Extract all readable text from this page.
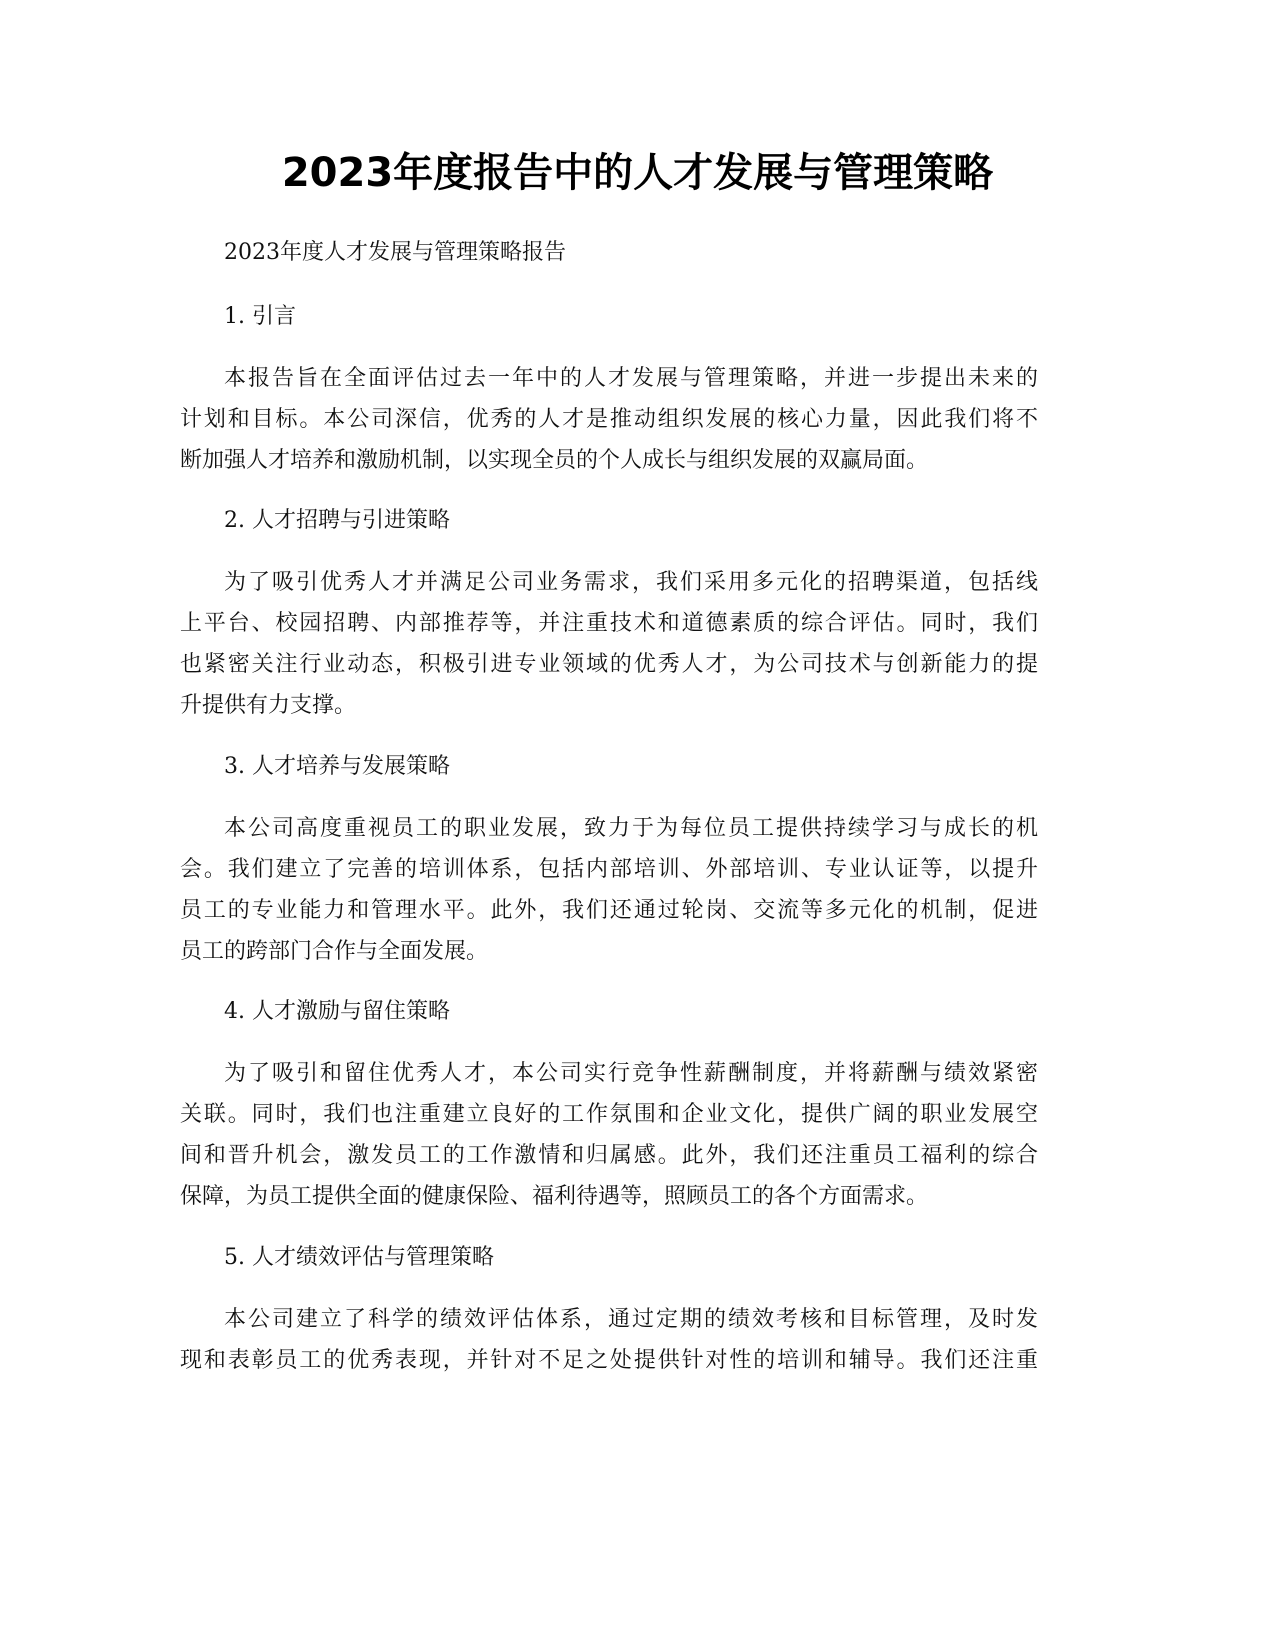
2023年度报告中的人才发展与管理策略
2023年度人才发展与管理策略报告
1. 引言
本报告旨在全面评估过去一年中的人才发展与管理策略，并进一步提出未来的
计划和目标。本公司深信，优秀的人才是推动组织发展的核心力量，因此我们将不
断加强人才培养和激励机制，以实现全员的个人成长与组织发展的双赢局面。
2. 人才招聘与引进策略
为了吸引优秀人才并满足公司业务需求，我们采用多元化的招聘渠道，包括线
上平台、校园招聘、内部推荐等，并注重技术和道德素质的综合评估。同时，我们
也紧密关注行业动态，积极引进专业领域的优秀人才，为公司技术与创新能力的提
升提供有力支撑。
3. 人才培养与发展策略
本公司高度重视员工的职业发展，致力于为每位员工提供持续学习与成长的机
会。我们建立了完善的培训体系，包括内部培训、外部培训、专业认证等，以提升
员工的专业能力和管理水平。此外，我们还通过轮岗、交流等多元化的机制，促进
员工的跨部门合作与全面发展。
4. 人才激励与留住策略
为了吸引和留住优秀人才，本公司实行竞争性薪酬制度，并将薪酬与绩效紧密
关联。同时，我们也注重建立良好的工作氛围和企业文化，提供广阔的职业发展空
间和晋升机会，激发员工的工作激情和归属感。此外，我们还注重员工福利的综合
保障，为员工提供全面的健康保险、福利待遇等，照顾员工的各个方面需求。
5. 人才绩效评估与管理策略
本公司建立了科学的绩效评估体系，通过定期的绩效考核和目标管理，及时发
现和表彰员工的优秀表现，并针对不足之处提供针对性的培训和辅导。我们还注重
